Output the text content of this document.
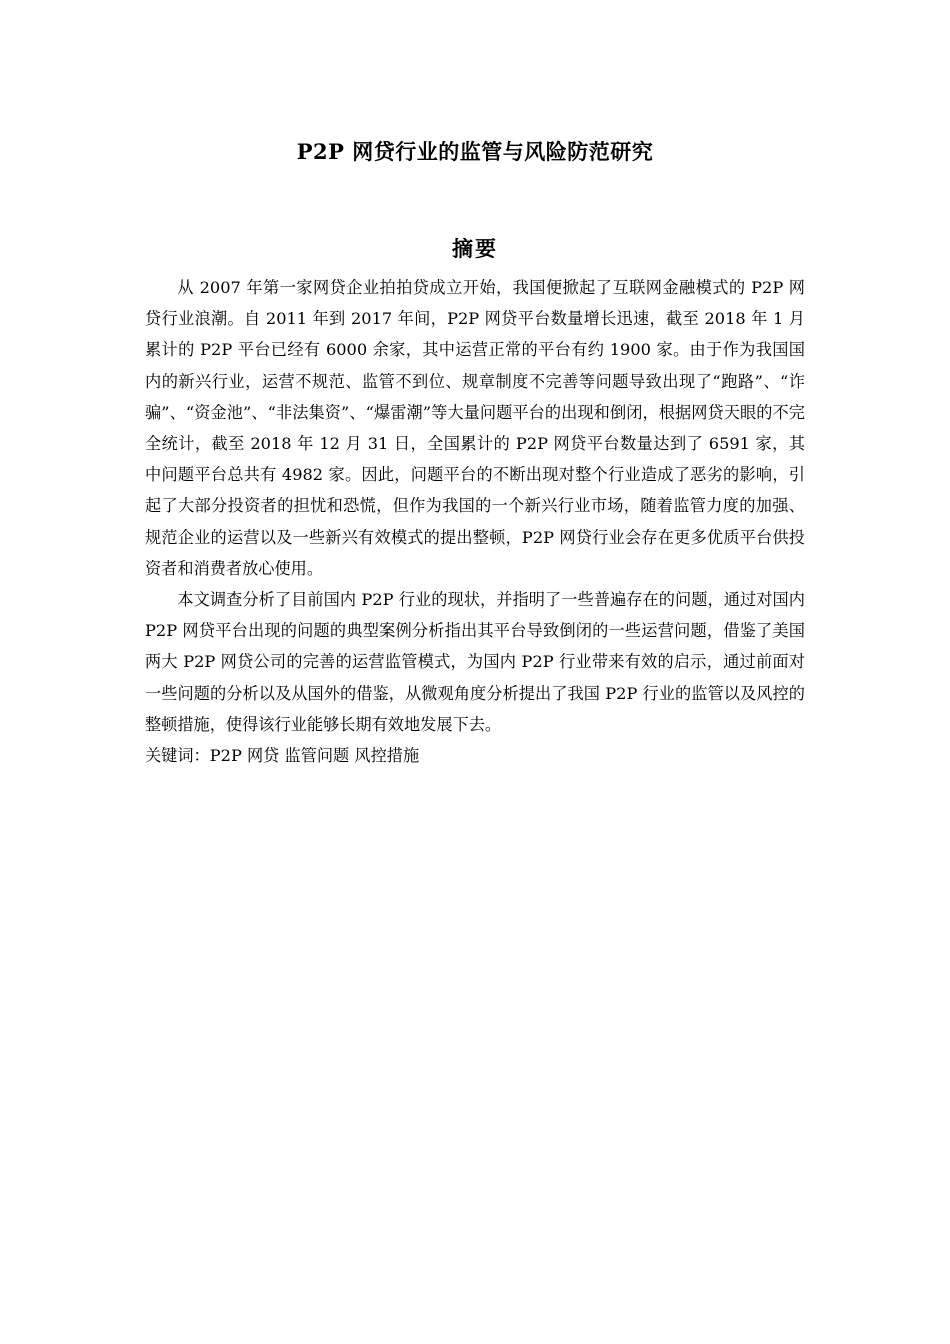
P2P 网贷行业的监管与风险防范研究
摘要

从 2007 年第一家网贷企业拍拍贷成立开始，我国便掀起了互联网金融模式的 P2P 网贷行业浪潮。自 2011 年到 2017 年间，P2P 网贷平台数量增长迅速，截至 2018 年 1 月累计的 P2P 平台已经有 6000 余家，其中运营正常的平台有约 1900 家。由于作为我国国内的新兴行业，运营不规范、监管不到位、规章制度不完善等问题导致出现了“跑路”、“诈骗”、“资金池”、“非法集资”、“爆雷潮”等大量问题平台的出现和倒闭，根据网贷天眼的不完全统计，截至 2018 年 12 月 31 日，全国累计的 P2P 网贷平台数量达到了 6591 家，其中问题平台总共有 4982 家。因此，问题平台的不断出现对整个行业造成了恶劣的影响，引起了大部分投资者的担忧和恐慌，但作为我国的一个新兴行业市场，随着监管力度的加强、规范企业的运营以及一些新兴有效模式的提出整顿，P2P 网贷行业会存在更多优质平台供投资者和消费者放心使用。

本文调查分析了目前国内 P2P 行业的现状，并指明了一些普遍存在的问题，通过对国内 P2P 网贷平台出现的问题的典型案例分析指出其平台导致倒闭的一些运营问题，借鉴了美国两大 P2P 网贷公司的完善的运营监管模式，为国内 P2P 行业带来有效的启示，通过前面对一些问题的分析以及从国外的借鉴，从微观角度分析提出了我国 P2P 行业的监管以及风控的整顿措施，使得该行业能够长期有效地发展下去。

关键词：P2P 网贷 监管问题 风控措施
